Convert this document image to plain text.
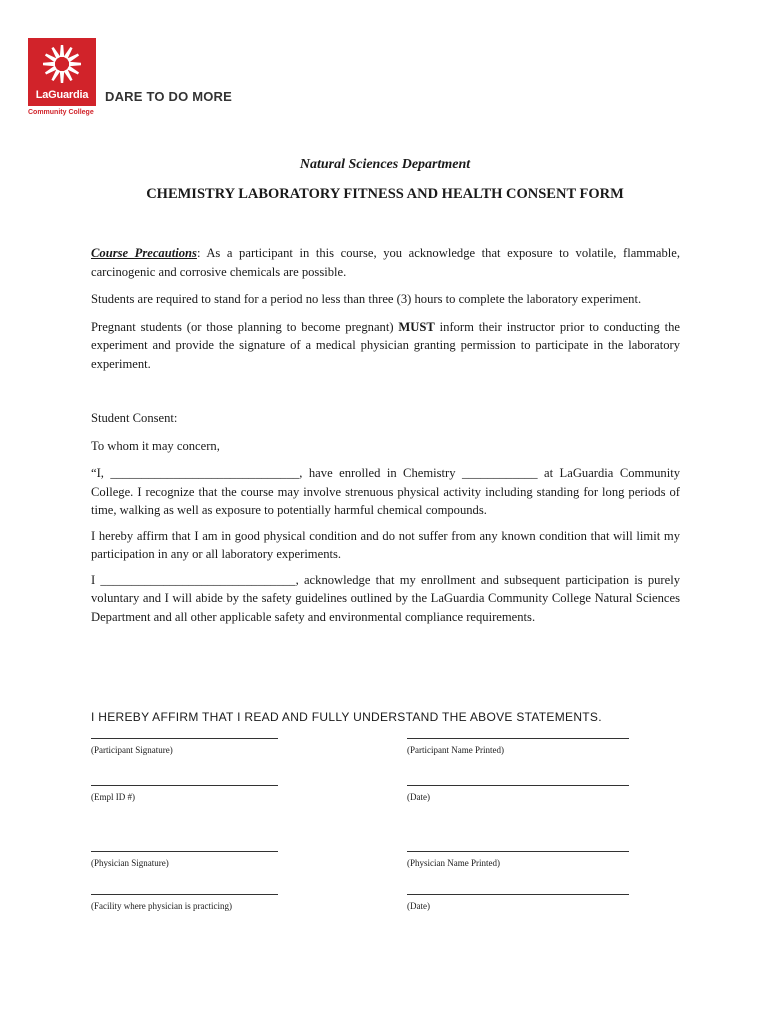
LaGuardia
Community College
DARE TO DO MORE
Natural Sciences Department
CHEMISTRY LABORATORY FITNESS AND HEALTH CONSENT FORM

Course Precautions: As a participant in this course, you acknowledge that exposure to volatile, flammable, carcinogenic and corrosive chemicals are possible.

Students are required to stand for a period no less than three (3) hours to complete the laboratory experiment.

Pregnant students (or those planning to become pregnant) MUST inform their instructor prior to conducting the experiment and provide the signature of a medical physician granting permission to participate in the laboratory experiment.

Student Consent:

To whom it may concern,

“I, ______________________________, have enrolled in Chemistry ____________ at LaGuardia Community College. I recognize that the course may involve strenuous physical activity including standing for long periods of time, walking as well as exposure to potentially harmful chemical compounds.

I hereby affirm that I am in good physical condition and do not suffer from any known condition that will limit my participation in any or all laboratory experiments.

I _______________________________, acknowledge that my enrollment and subsequent participation is purely voluntary and I will abide by the safety guidelines outlined by the LaGuardia Community College Natural Sciences Department and all other applicable safety and environmental compliance requirements.

I HEREBY AFFIRM THAT I READ AND FULLY UNDERSTAND THE ABOVE STATEMENTS.
(Participant Signature)	(Participant Name Printed)
(Empl ID #)	(Date)
(Physician Signature)	(Physician Name Printed)
(Facility where physician is practicing)	(Date)
